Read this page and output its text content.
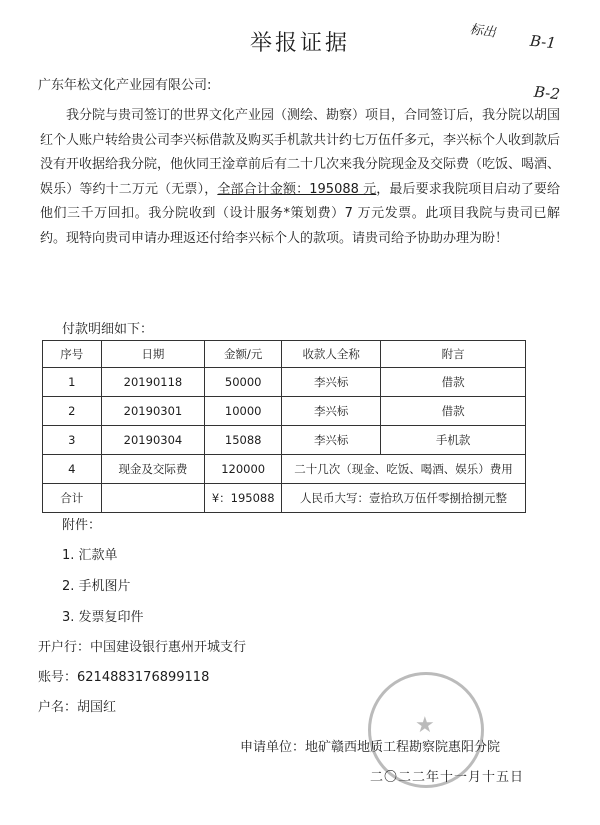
举报证据	标出
B-1
B-2
广东年松文化产业园有限公司:
我分院与贵司签订的世界文化产业园（测绘、勘察）项目，合同签订后，我分院以胡国红个人账户转给贵公司李兴标借款及购买手机款共计约七万伍仟多元，李兴标个人收到款后没有开收据给我分院，他伙同王淦章前后有二十几次来我分院现金及交际费（吃饭、喝酒、娱乐）等约十二万元（无票），全部合计金额：195088 元，最后要求我院项目启动了要给他们三千万回扣。我分院收到（设计服务*策划费）7 万元发票。此项目我院与贵司已解约。现特向贵司申请办理返还付给李兴标个人的款项。请贵司给予协助办理为盼！
付款明细如下：
序号	日期	金额/元	收款人全称	附言
1	20190118	50000	李兴标	借款
2	20190301	10000	李兴标	借款
3	20190304	15088	李兴标	手机款
4	现金及交际费	120000	二十几次（现金、吃饭、喝酒、娱乐）费用	
合计		¥：195088	人民币大写：壹拾玖万伍仟零捌拾捌元整	
附件：
1. 汇款单
2. 手机图片
3. 发票复印件
开户行：中国建设银行惠州开城支行
账号：6214883176899118
户名：胡国红
★
申请单位：地矿赣西地质工程勘察院惠阳分院
二〇二二年十一月十五日
